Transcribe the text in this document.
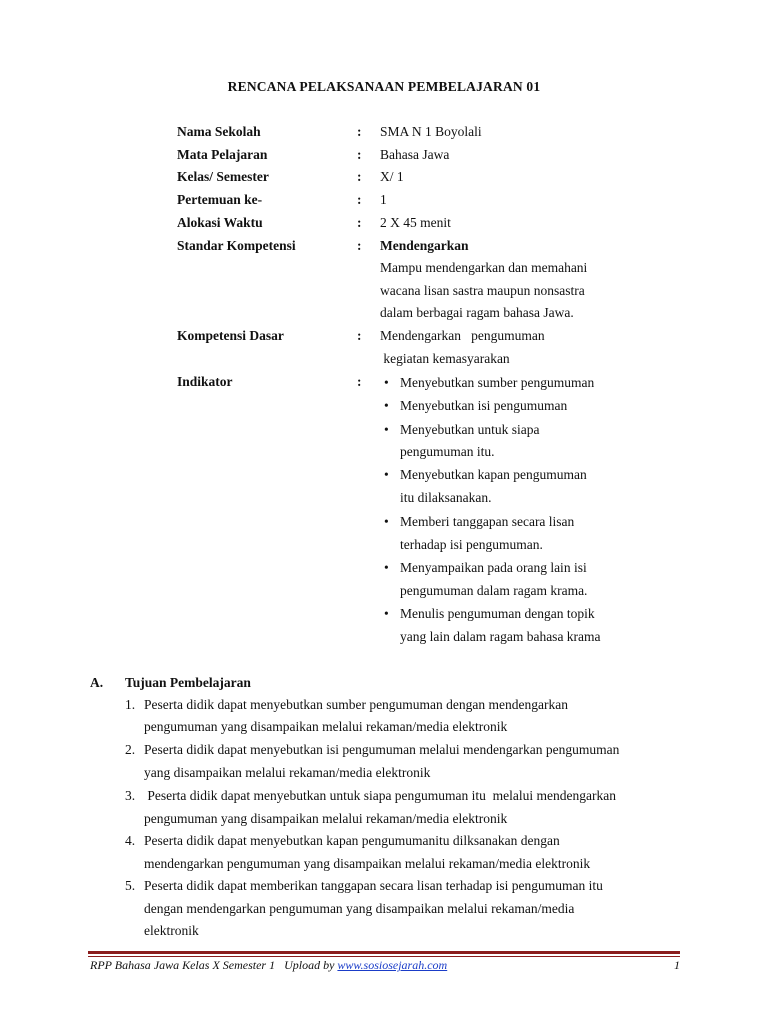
RENCANA PELAKSANAAN PEMBELAJARAN 01
Nama Sekolah	: SMA N 1 Boyolali
Mata Pelajaran	: Bahasa Jawa
Kelas/ Semester	: X/ 1
Pertemuan ke-	: 1
Alokasi Waktu	: 2 X 45 menit
Standar Kompetensi	: Mendengarkan
Mampu mendengarkan dan memahani
wacana lisan sastra maupun nonsastra
dalam berbagai ragam bahasa Jawa.
Kompetensi Dasar	: Mendengarkan   pengumuman
kegiatan kemasyarakan
Indikator	: • Menyebutkan sumber pengumuman
• Menyebutkan isi pengumuman
• Menyebutkan untuk siapa
pengumuman itu.
• Menyebutkan kapan pengumuman
itu dilaksanakan.
• Memberi tanggapan secara lisan
terhadap isi pengumuman.
• Menyampaikan pada orang lain isi
pengumuman dalam ragam krama.
• Menulis pengumuman dengan topik
yang lain dalam ragam bahasa krama
A. Tujuan Pembelajaran
1. Peserta didik dapat menyebutkan sumber pengumuman dengan mendengarkan
pengumuman yang disampaikan melalui rekaman/media elektronik
2. Peserta didik dapat menyebutkan isi pengumuman melalui mendengarkan pengumuman
yang disampaikan melalui rekaman/media elektronik
3. Peserta didik dapat menyebutkan untuk siapa pengumuman itu  melalui mendengarkan
pengumuman yang disampaikan melalui rekaman/media elektronik
4. Peserta didik dapat menyebutkan kapan pengumumanitu dilksanakan dengan
mendengarkan pengumuman yang disampaikan melalui rekaman/media elektronik
5. Peserta didik dapat memberikan tanggapan secara lisan terhadap isi pengumuman itu
dengan mendengarkan pengumuman yang disampaikan melalui rekaman/media
elektronik
RPP Bahasa Jawa Kelas X Semester 1   Upload by www.sosiosejarah.com	1
